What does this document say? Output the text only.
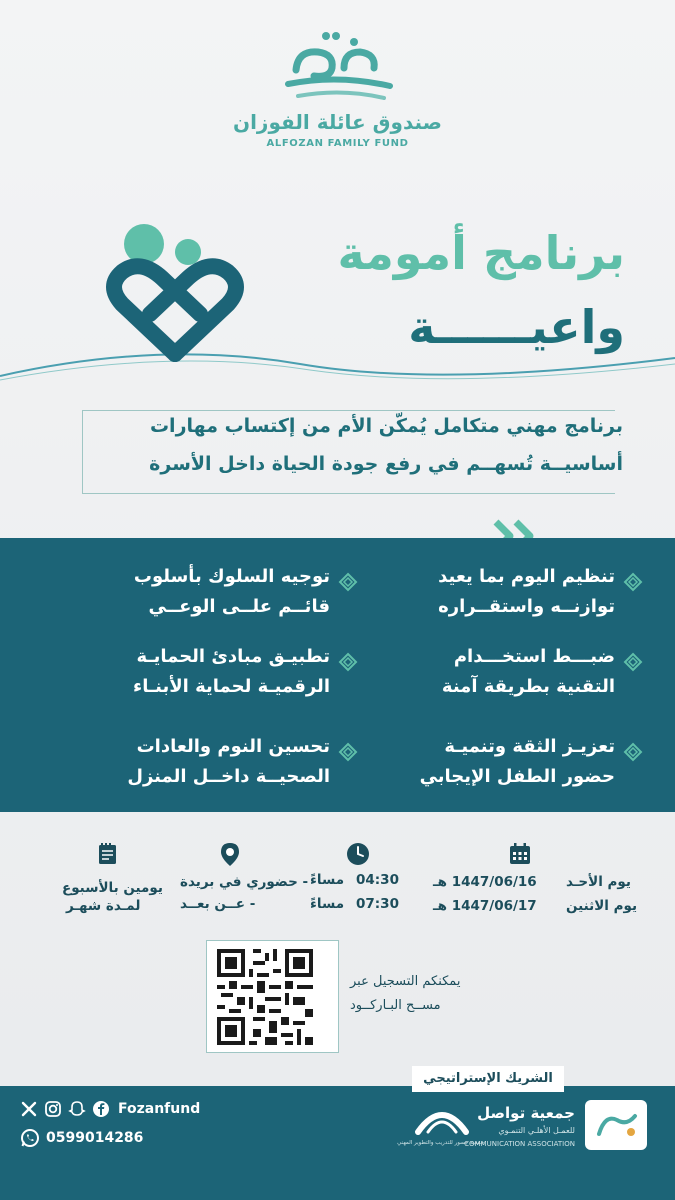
صندوق عائلة الفوزان
ALFOZAN FAMILY FUND
برنامج أمومة
واعيــــــة
برنامج مهني متكامل يُمكّن الأم من إكتساب مهارات
أساسيــة تُسهــم في رفع جودة الحياة داخل الأسرة
تنظيم اليوم بما يعيد
توازنــه واستقــراره
ضبـــط استخـــدام
التقنية بطريقة آمنة
تعزيـز الثقة وتنميـة
حضور الطفل الإيجابي
توجيه السلوك بأسلوب
قائــم علــى الوعــي
تطبيـق مبادئ الحمايـة
الرقميـة لحماية الأبنـاء
تحسين النوم والعادات
الصحيــة داخــل المنزل
يوم الأحـد
1447/06/16 هـ
يوم الاثنين
1447/06/17 هـ
04:30
مساءً
07:30
مساءً
- حضوري في بريدة
- عــن بعــد
يومين بالأسبوع
لمـدة شهـر
يمكنكم التسجيل عبر
مســح البـاركــود
الشريك الإستراتيجي
Fozanfund
0599014286
جمعية تواصل
للعمـل الأهلـي التنمـوي
COMMUNICATION ASSOCIATION
جمعية جسور للتدريب والتطوير المهني
